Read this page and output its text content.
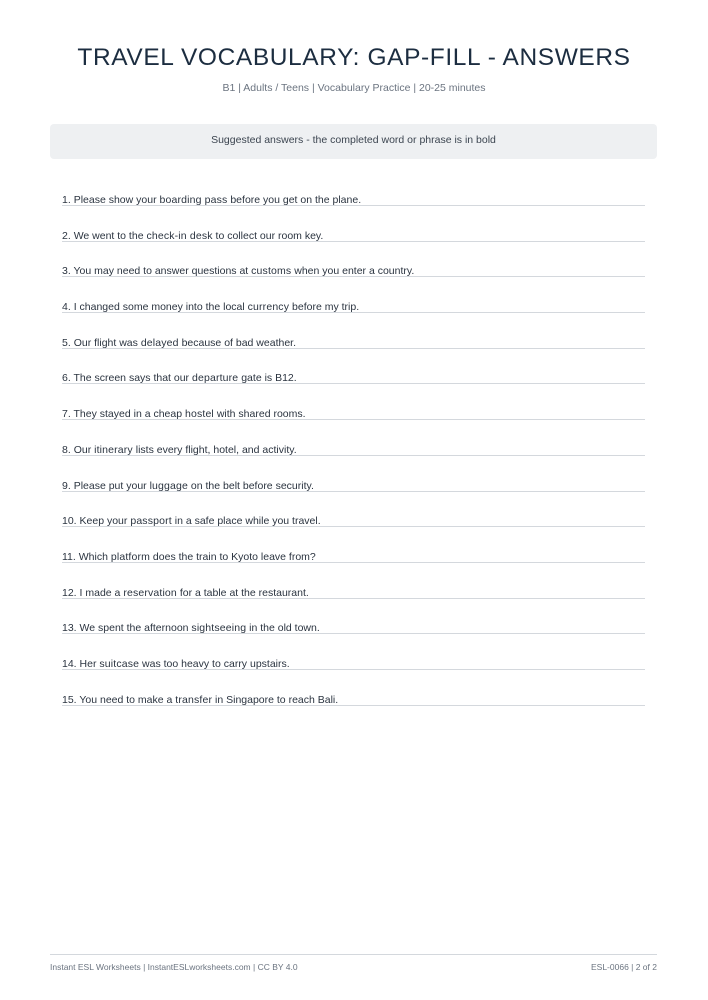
TRAVEL VOCABULARY: GAP-FILL - ANSWERS
B1 | Adults / Teens | Vocabulary Practice | 20-25 minutes
Suggested answers - the completed word or phrase is in bold
1. Please show your boarding pass before you get on the plane.
2. We went to the check-in desk to collect our room key.
3. You may need to answer questions at customs when you enter a country.
4. I changed some money into the local currency before my trip.
5. Our flight was delayed because of bad weather.
6. The screen says that our departure gate is B12.
7. They stayed in a cheap hostel with shared rooms.
8. Our itinerary lists every flight, hotel, and activity.
9. Please put your luggage on the belt before security.
10. Keep your passport in a safe place while you travel.
11. Which platform does the train to Kyoto leave from?
12. I made a reservation for a table at the restaurant.
13. We spent the afternoon sightseeing in the old town.
14. Her suitcase was too heavy to carry upstairs.
15. You need to make a transfer in Singapore to reach Bali.
Instant ESL Worksheets | InstantESLworksheets.com | CC BY 4.0	ESL-0066 | 2 of 2
